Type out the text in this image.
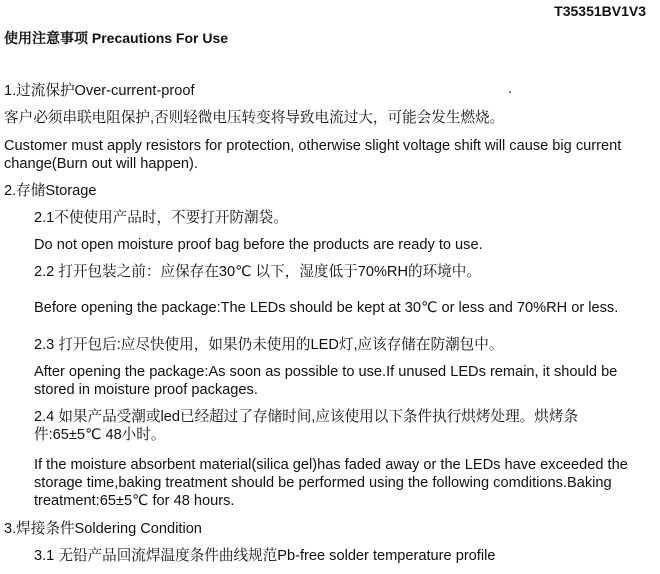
T35351BV1V3
使用注意事项 Precautions For Use
1.过流保护Over-current-proof	.
客户必须串联电阻保护,否则轻微电压转变将导致电流过大，可能会发生燃烧。
Customer must apply resistors for protection, otherwise slight voltage shift will cause big current change(Burn out will happen).
2.存储Storage
2.1不使使用产品时，不要打开防潮袋。
Do not open moisture proof bag before the products are ready to use.
2.2 打开包装之前：应保存在30℃ 以下，湿度低于70%RH的环境中。
Before opening the package:The LEDs should be kept at 30℃ or less and 70%RH or less.
2.3 打开包后:应尽快使用，如果仍未使用的LED灯,应该存储在防潮包中。
After opening the package:As soon as possible to use.If unused LEDs remain, it should be stored in moisture proof packages.
2.4 如果产品受潮或led已经超过了存储时间,应该使用以下条件执行烘烤处理。烘烤条件:65±5℃ 48小时。
If the moisture absorbent material(silica gel)has faded away or the LEDs have exceeded the storage time,baking treatment should be performed using the following comditions.Baking treatment:65±5℃ for 48 hours.
3.焊接条件Soldering Condition
3.1 无铅产品回流焊温度条件曲线规范Pb-free solder temperature profile
